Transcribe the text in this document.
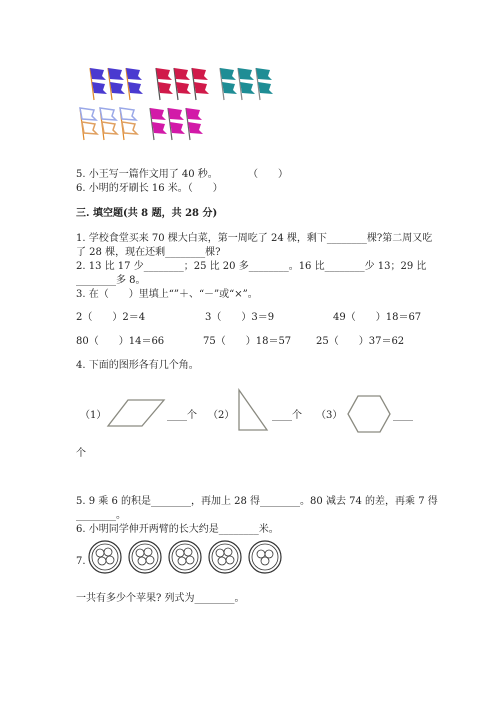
5. 小王写一篇作文用了 40 秒。	（　　）
6. 小明的牙刷长 16 米。（　　）
三. 填空题(共 8 题，共 28 分)
1. 学校食堂买来 70 棵大白菜，第一周吃了 24 棵，剩下________棵?第二周又吃
了 28 棵，现在还剩________棵?
2. 13 比 17 少________；25 比 20 多________。16 比________少 13；29 比
________多 8。
3. 在（　　）里填上“”＋、“－”或“×”。
2（　　）2＝4	3（　　）3＝9	49（　　）18＝67
80（　　）14＝66	75（　　）18＝57 25（　　）37＝62
4. 下面的图形各有几个角。
（1）	____个 （2）	____个 （3）	____
个
5. 9 乘 6 的积是________，再加上 28 得________。80 减去 74 的差，再乘 7 得
________。
6. 小明同学伸开两臂的长大约是________米。
7.
一共有多少个苹果? 列式为________。
